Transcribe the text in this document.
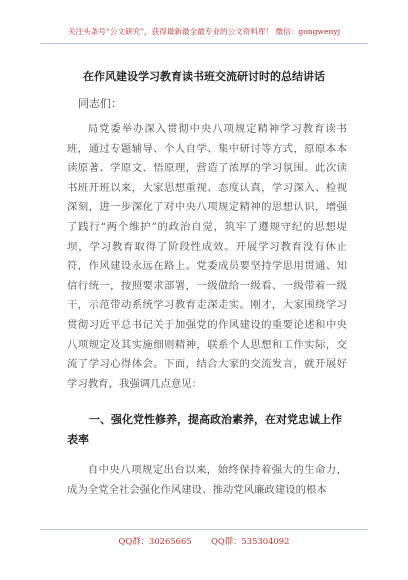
关注头条号“公文研究”，获得最新最全最专业的公文资料库！ 微信：gongwenyj
在作风建设学习教育读书班交流研讨时的总结讲话
同志们：

局党委举办深入贯彻中央八项规定精神学习教育读书班，通过专题辅导、个人自学、集中研讨等方式，原原本本读原著、学原文、悟原理，营造了浓厚的学习氛围。此次读书班开班以来，大家思想重视、态度认真，学习深入、检视深刻，进一步深化了对中央八项规定精神的思想认识，增强了践行“两个维护”的政治自觉，筑牢了遵规守纪的思想堤坝，学习教育取得了阶段性成效。开展学习教育没有休止符，作风建设永远在路上。党委成员要坚持学思用贯通、知信行统一，按照要求部署，一级做给一级看、一级带着一级干，示范带动系统学习教育走深走实。刚才，大家围绕学习贯彻习近平总书记关于加强党的作风建设的重要论述和中央八项规定及其实施细则精神，联系个人思想和工作实际，交流了学习心得体会。下面，结合大家的交流发言，就开展好学习教育，我强调几点意见：

一、强化党性修养，提高政治素养，在对党忠诚上作表率

自中央八项规定出台以来，始终保持着强大的生命力，成为全党全社会强化作风建设、推动党风廉政建设的根本

QQ群：30265665 QQ群：535304092
